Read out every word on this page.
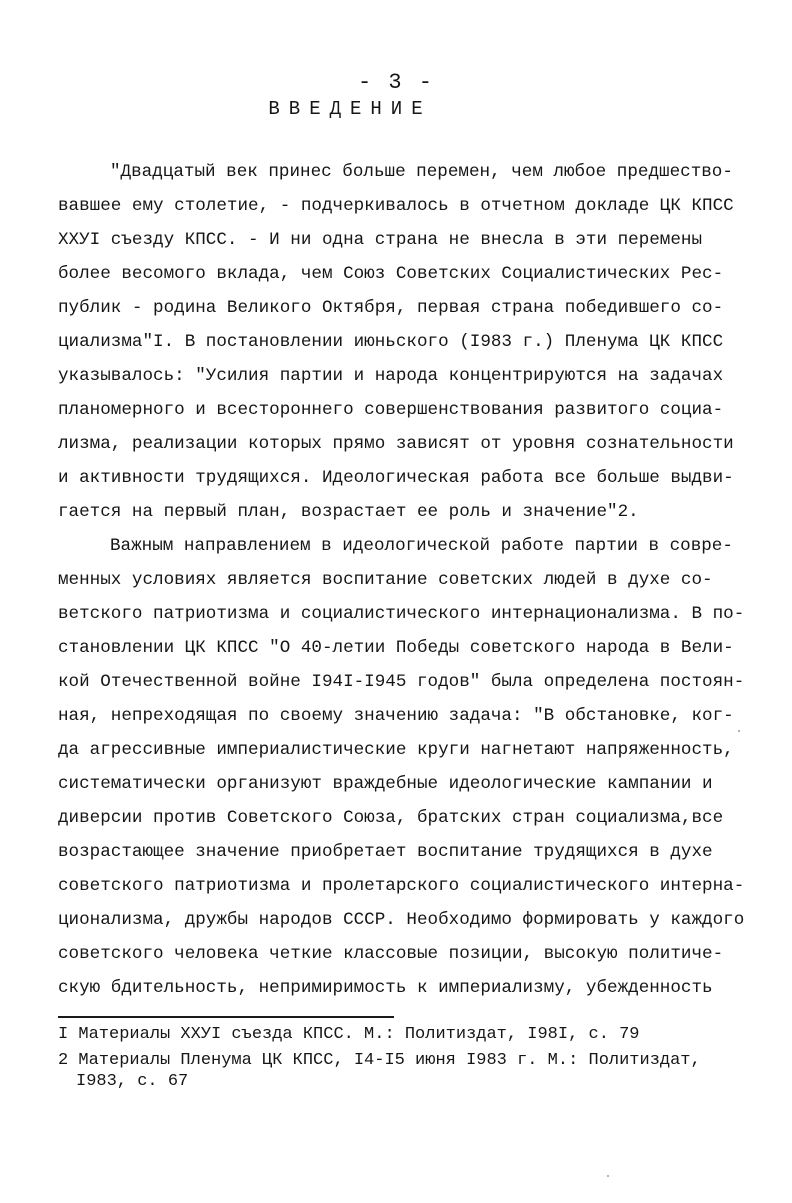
- 3 -
ВВЕДЕНИЕ
"Двадцатый век принес больше перемен, чем любое предшество-
вавшее ему столетие, - подчеркивалось в отчетном докладе ЦК КПСС
XXУI съезду КПСС. - И ни одна страна не внесла в эти перемены
более весомого вклада, чем Союз Советских Социалистических Рес-
публик - родина Великого Октября, первая страна победившего со-
циализма"I. В постановлении июньского (I983 г.) Пленума ЦК КПСС
указывалось: "Усилия партии и народа концентрируются на задачах
планомерного и всестороннего совершенствования развитого социа-
лизма, реализации которых прямо зависят от уровня сознательности
и активности трудящихся. Идеологическая работа все больше выдви-
гается на первый план, возрастает ее роль и значение"2.
Важным направлением в идеологической работе партии в совре-
менных условиях является воспитание советских людей в духе со-
ветского патриотизма и социалистического интернационализма. В по-
становлении ЦК КПСС "О 40-летии Победы советского народа в Вели-
кой Отечественной войне I94I-I945 годов" была определена постоян-
ная, непреходящая по своему значению задача: "В обстановке, ког-
да агрессивные империалистические круги нагнетают напряженность,
систематически организуют враждебные идеологические кампании и
диверсии против Советского Союза, братских стран социализма,все
возрастающее значение приобретает воспитание трудящихся в духе
советского патриотизма и пролетарского социалистического интерна-
ционализма, дружбы народов СССР. Необходимо формировать у каждого
советского человека четкие классовые позиции, высокую политиче-
скую бдительность, непримиримость к империализму, убежденность
I Материалы XXУI съезда КПСС. М.: Политиздат, I98I, с. 79
2 Материалы Пленума ЦК КПСС, I4-I5 июня I983 г. М.: Политиздат,
I983, с. 67
